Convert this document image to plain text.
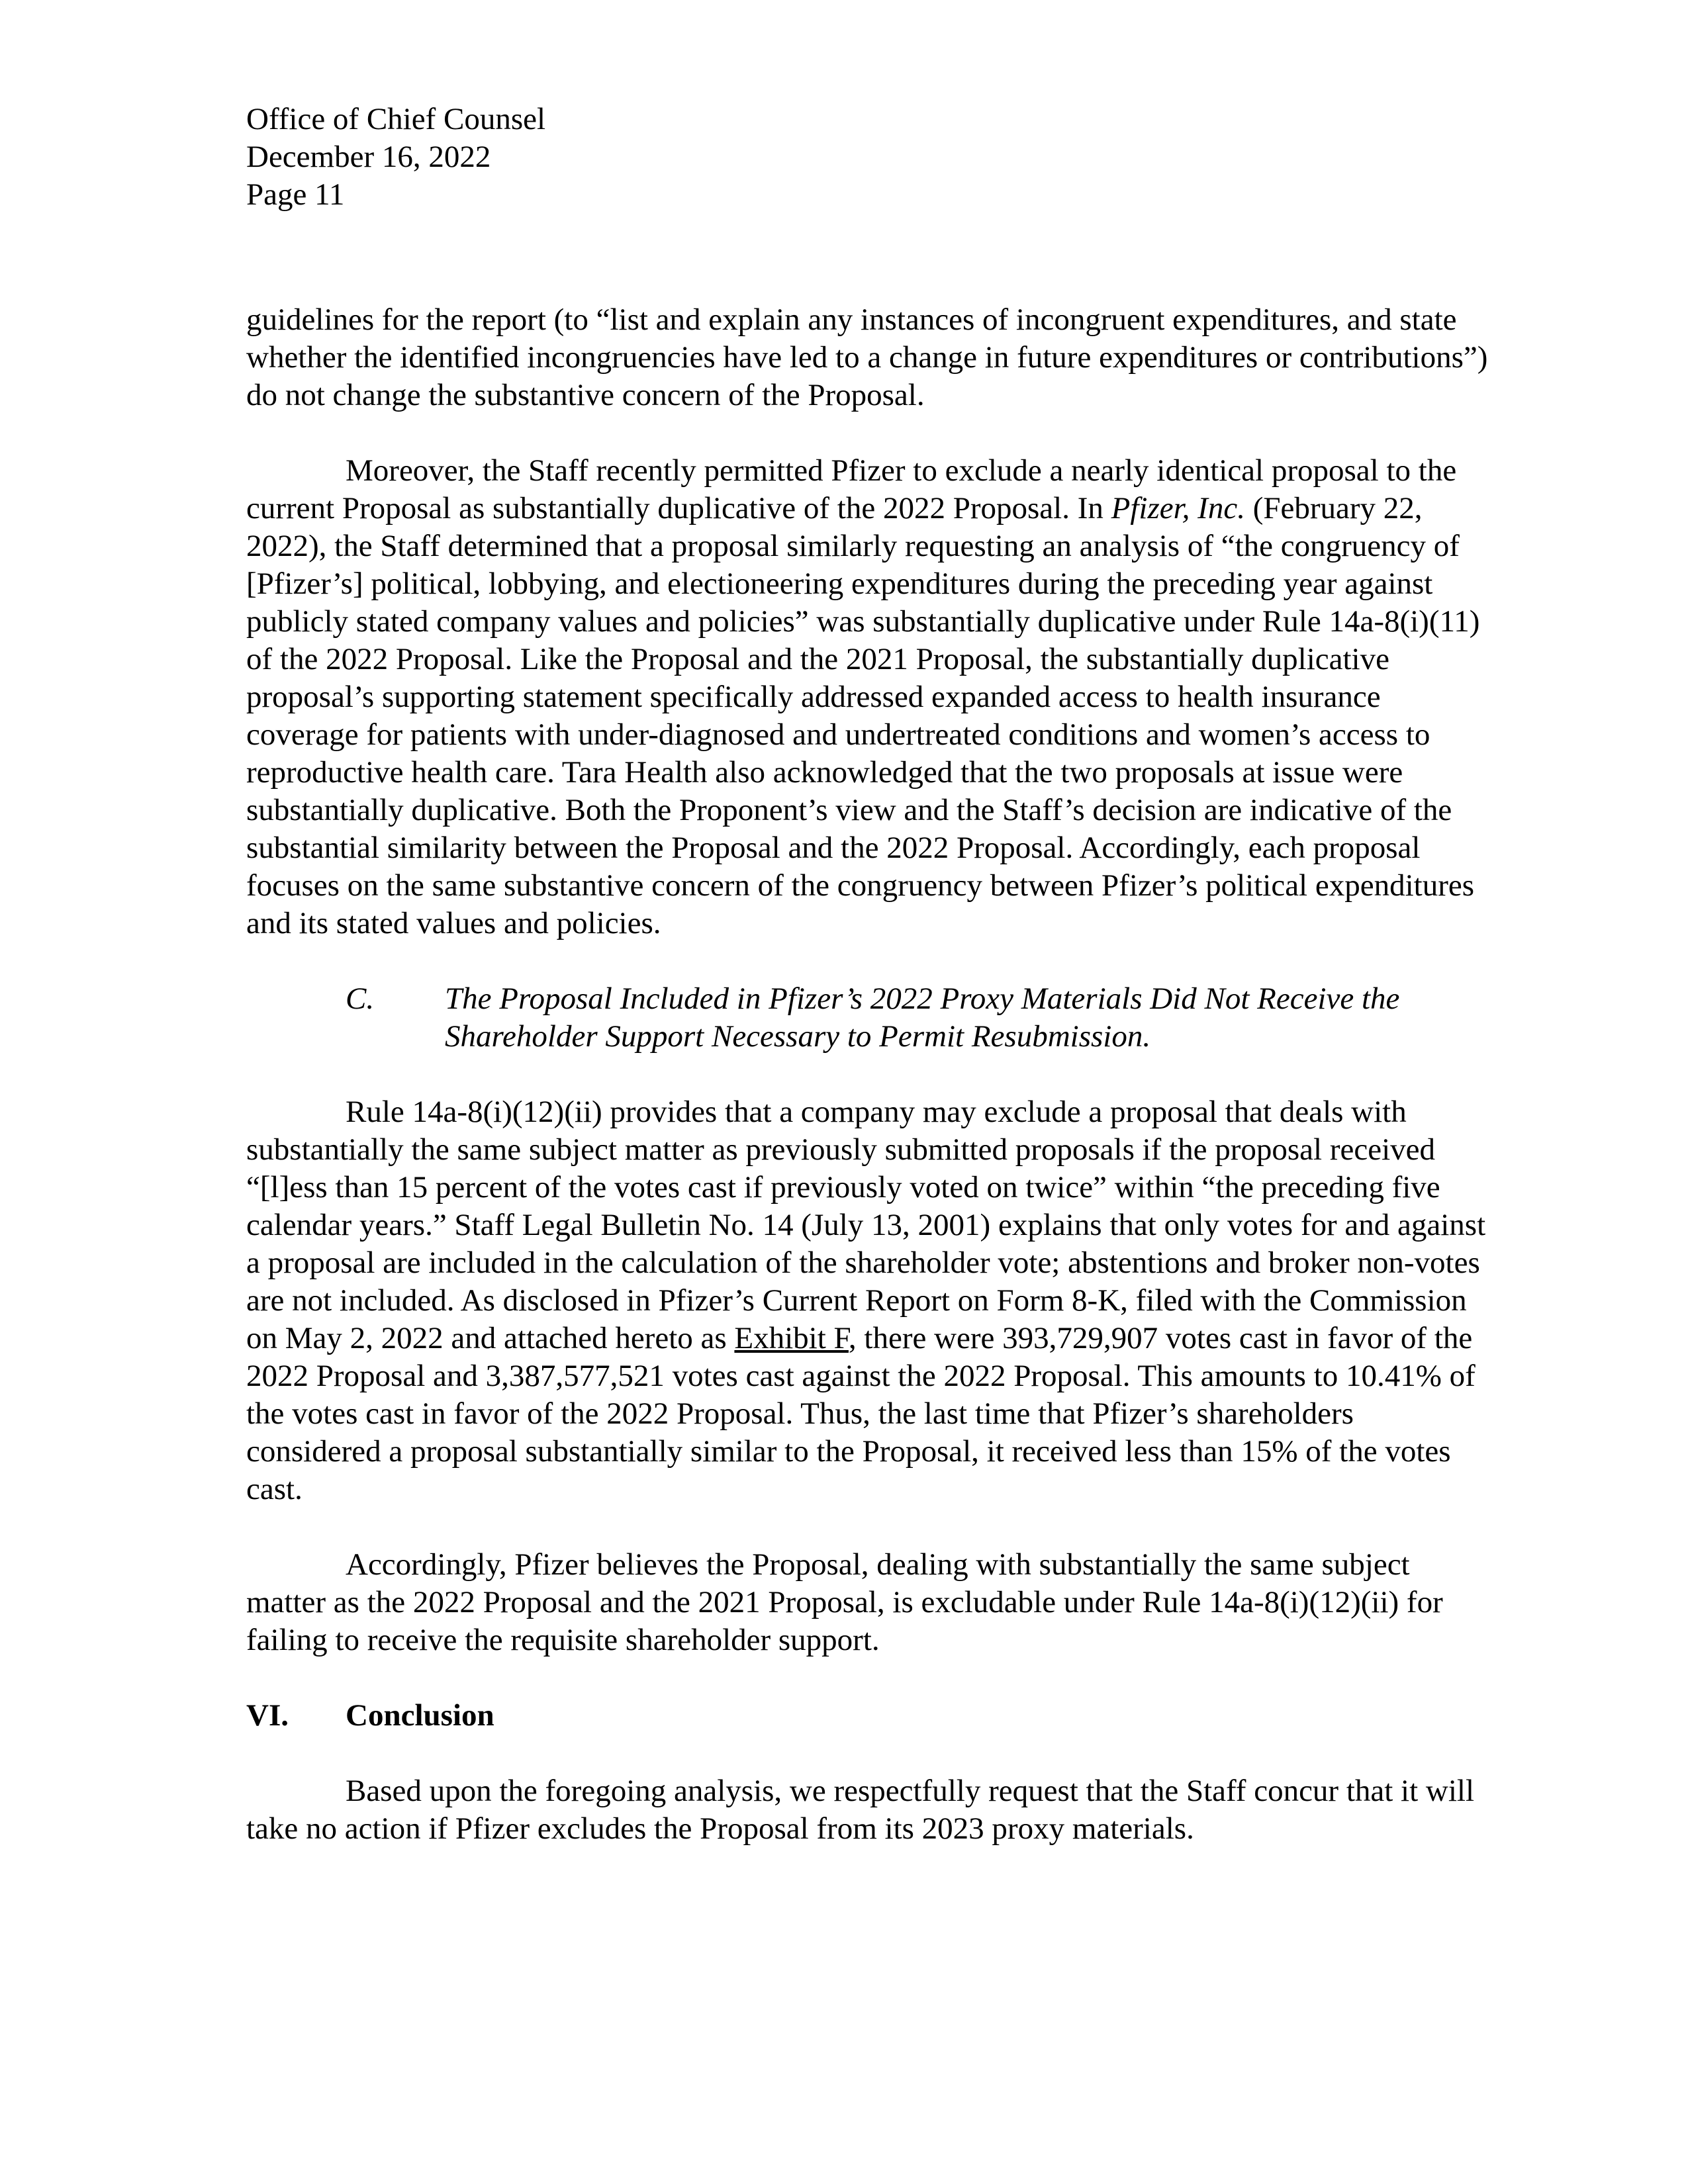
Office of Chief Counsel
December 16, 2022
Page 11

guidelines for the report (to “list and explain any instances of incongruent expenditures, and state whether the identified incongruencies have led to a change in future expenditures or contributions”) do not change the substantive concern of the Proposal.

Moreover, the Staff recently permitted Pfizer to exclude a nearly identical proposal to the current Proposal as substantially duplicative of the 2022 Proposal. In Pfizer, Inc. (February 22, 2022), the Staff determined that a proposal similarly requesting an analysis of “the congruency of [Pfizer’s] political, lobbying, and electioneering expenditures during the preceding year against publicly stated company values and policies” was substantially duplicative under Rule 14a-8(i)(11) of the 2022 Proposal. Like the Proposal and the 2021 Proposal, the substantially duplicative proposal’s supporting statement specifically addressed expanded access to health insurance coverage for patients with under-diagnosed and undertreated conditions and women’s access to reproductive health care. Tara Health also acknowledged that the two proposals at issue were substantially duplicative. Both the Proponent’s view and the Staff’s decision are indicative of the substantial similarity between the Proposal and the 2022 Proposal. Accordingly, each proposal focuses on the same substantive concern of the congruency between Pfizer’s political expenditures and its stated values and policies.

C.	The Proposal Included in Pfizer’s 2022 Proxy Materials Did Not Receive the Shareholder Support Necessary to Permit Resubmission.

Rule 14a-8(i)(12)(ii) provides that a company may exclude a proposal that deals with substantially the same subject matter as previously submitted proposals if the proposal received “[l]ess than 15 percent of the votes cast if previously voted on twice” within “the preceding five calendar years.” Staff Legal Bulletin No. 14 (July 13, 2001) explains that only votes for and against a proposal are included in the calculation of the shareholder vote; abstentions and broker non-votes are not included. As disclosed in Pfizer’s Current Report on Form 8-K, filed with the Commission on May 2, 2022 and attached hereto as Exhibit F, there were 393,729,907 votes cast in favor of the 2022 Proposal and 3,387,577,521 votes cast against the 2022 Proposal. This amounts to 10.41% of the votes cast in favor of the 2022 Proposal. Thus, the last time that Pfizer’s shareholders considered a proposal substantially similar to the Proposal, it received less than 15% of the votes cast.

Accordingly, Pfizer believes the Proposal, dealing with substantially the same subject matter as the 2022 Proposal and the 2021 Proposal, is excludable under Rule 14a-8(i)(12)(ii) for failing to receive the requisite shareholder support.

VI.	Conclusion

Based upon the foregoing analysis, we respectfully request that the Staff concur that it will take no action if Pfizer excludes the Proposal from its 2023 proxy materials.
